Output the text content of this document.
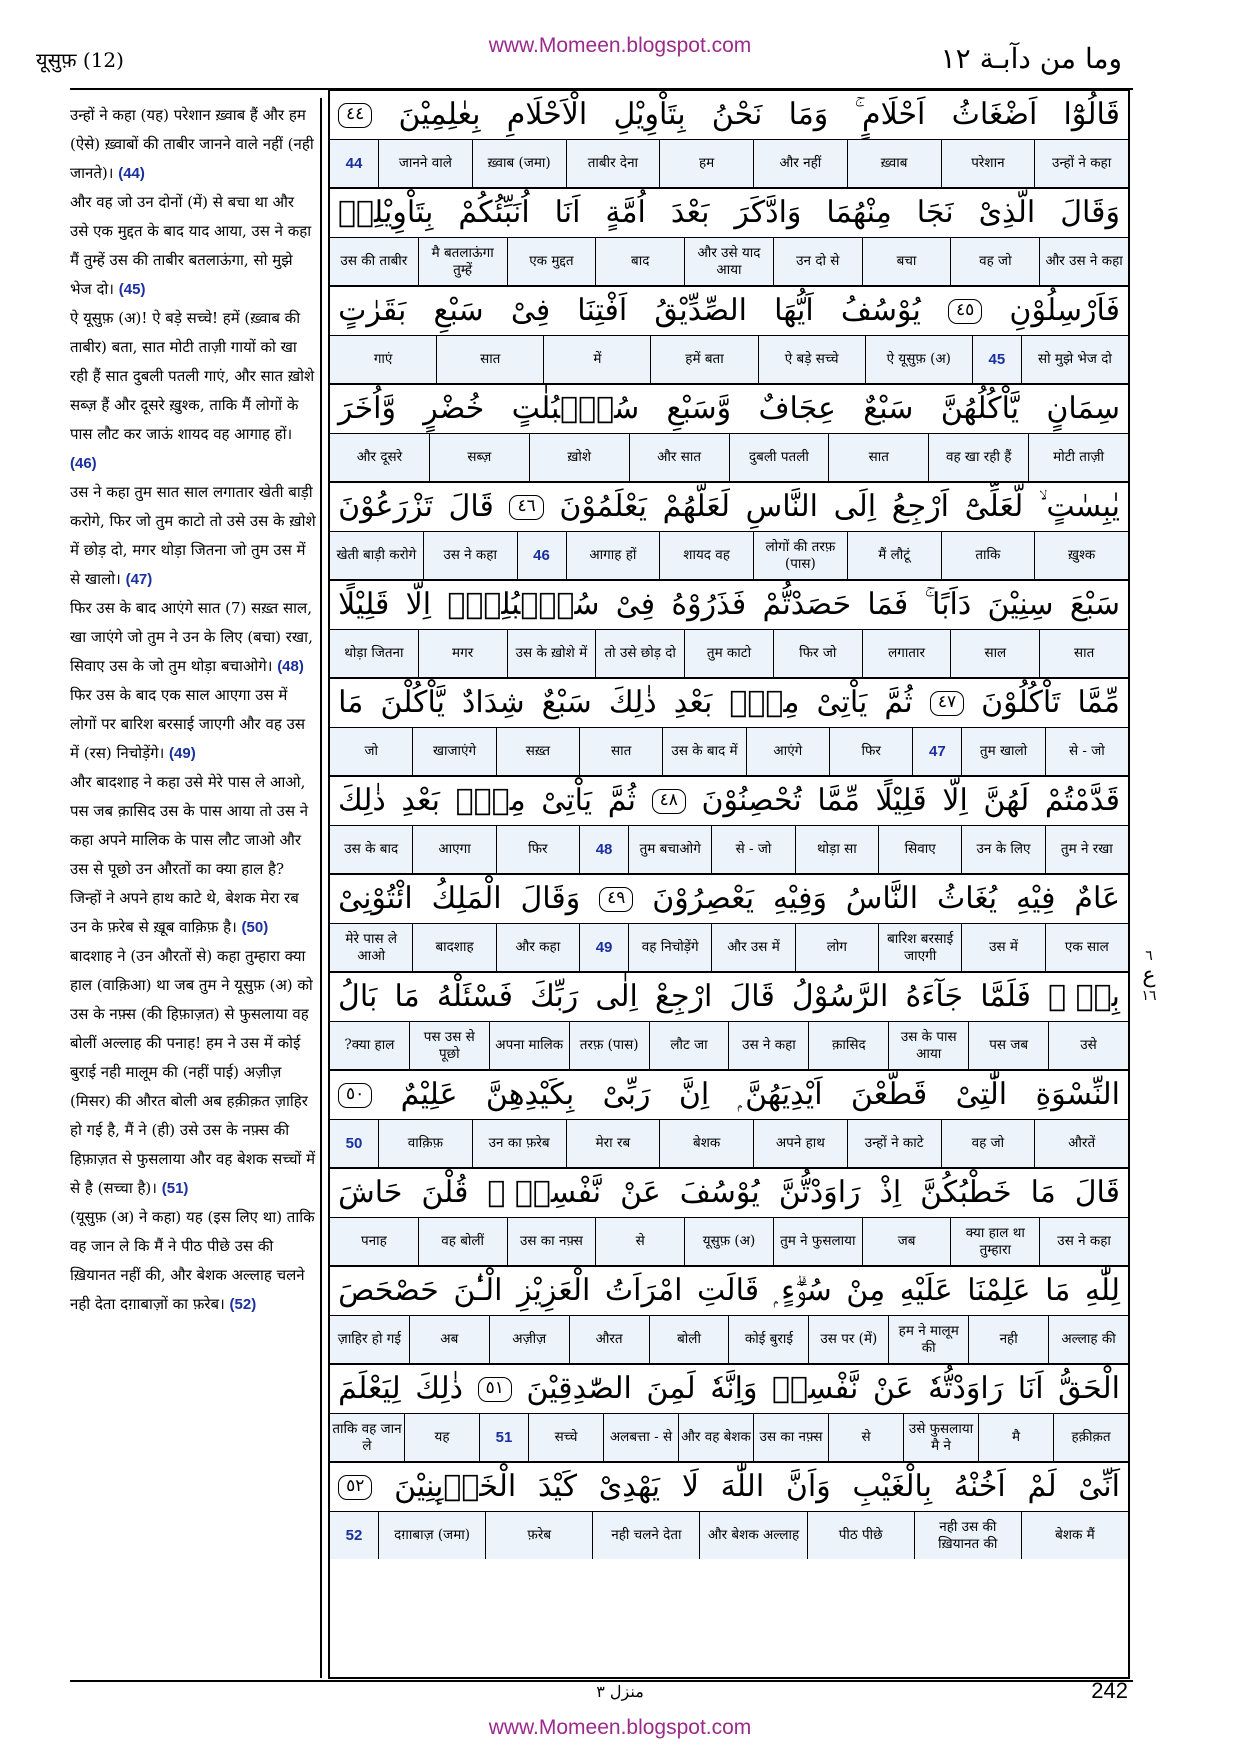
यूसुफ़ (12)
www.Momeen.blogspot.com	وما من دآبـة ١٢
उन्हों ने कहा (यह) परेशान ख़्वाब हैं और हम (ऐसे) ख़्वाबों की ताबीर जानने वाले नहीं (नही जानते)। (44)
और वह जो उन दोनों (में) से बचा था और उसे एक मुद्दत के बाद याद आया, उस ने कहा मैं तुम्हें उस की ताबीर बतलाऊंगा, सो मुझे भेज दो। (45)
ऐ यूसुफ़ (अ)! ऐ बड़े सच्चे! हमें (ख़्वाब की ताबीर) बता, सात मोटी ताज़ी गायों को खा रही हैं सात दुबली पतली गाएं, और सात ख़ोशे सब्ज़ हैं और दूसरे ख़ुश्क, ताकि मैं लोगों के पास लौट कर जाऊं शायद वह आगाह हों। (46)
उस ने कहा तुम सात साल लगातार खेती बाड़ी करोगे, फिर जो तुम काटो तो उसे उस के ख़ोशे में छोड़ दो, मगर थोड़ा जितना जो तुम उस में से खालो। (47)
फिर उस के बाद आएंगे सात (7) सख़्त साल, खा जाएंगे जो तुम ने उन के लिए (बचा) रखा, सिवाए उस के जो तुम थोड़ा बचाओगे। (48)
फिर उस के बाद एक साल आएगा उस में लोगों पर बारिश बरसाई जाएगी और वह उस में (रस) निचोड़ेंगे। (49)
और बादशाह ने कहा उसे मेरे पास ले आओ, पस जब क़ासिद उस के पास आया तो उस ने कहा अपने मालिक के पास लौट जाओ और उस से पूछो उन औरतों का क्या हाल है? जिन्हों ने अपने हाथ काटे थे, बेशक मेरा रब उन के फ़रेब से ख़ूब वाक़िफ़ है। (50)
बादशाह ने (उन औरतों से) कहा तुम्हारा क्या हाल (वाक़िआ) था जब तुम ने यूसुफ़ (अ) को उस के नफ़्स (की हिफ़ाज़त) से फुसलाया वह बोलीं अल्लाह की पनाह! हम ने उस में कोई बुराई नही मालूम की (नहीं पाई) अज़ीज़ (मिसर) की औरत बोली अब हक़ीक़त ज़ाहिर हो गई है, मैं ने (ही) उसे उस के नफ़्स की हिफ़ाज़त से फुसलाया और वह बेशक सच्चों में से है (सच्चा है)। (51)
(यूसुफ़ (अ) ने कहा) यह (इस लिए था) ताकि वह जान ले कि मैं ने पीठ पीछे उस की ख़ियानत नहीं की, और बेशक अल्लाह चलने नही देता दग़ाबाज़ों का फ़रेब। (52)

قَالُوْٓا
اَضْغَاثُ
اَحْلَامٍ ۚ
وَمَا
نَحْنُ
بِتَاْوِيْلِ
الْاَحْلَامِ
بِعٰلِمِيْنَ
٤٤
उन्हों ने कहा
परेशान
ख़्वाब
और नहीं
हम
ताबीर देना
ख़्वाब (जमा)
जानने वाले
44
وَقَالَ
الَّذِىْ
نَجَا
مِنْهُمَا
وَادَّكَرَ
بَعْدَ
اُمَّةٍ
اَنَا
اُنَبِّئُكُمْ
بِتَاْوِيْلِهٖ
और उस ने कहा
वह जो
बचा
उन दो से
और उसे याद आया
बाद
एक मुद्दत
मै बतलाऊंगा तुम्हें
उस की ताबीर
فَاَرْسِلُوْنِ
٤٥
يُوْسُفُ
اَيُّهَا
الصِّدِّيْقُ
اَفْتِنَا
فِىْ
سَبْعِ
بَقَرٰتٍ
सो मुझे भेज दो
45
ऐ यूसुफ़ (अ)
ऐ बड़े सच्चे
हमें बता
में
सात
गाएं
سِمَانٍ
يَّاْكُلُهُنَّ
سَبْعٌ
عِجَافٌ
وَّسَبْعِ
سُنْۢبُلٰتٍ
خُضْرٍ
وَّاُخَرَ
मोटी ताज़ी
वह खा रही हैं
सात
दुबली पतली
और सात
ख़ोशे
सब्ज़
और दूसरे
يٰبِسٰتٍ ۙ
لَّعَلِّىْٓ
اَرْجِعُ
اِلَى
النَّاسِ
لَعَلَّهُمْ
يَعْلَمُوْنَ
٤٦
قَالَ
تَزْرَعُوْنَ
ख़ुश्क
ताकि
मैं लौटूं
लोगों की तरफ़ (पास)
शायद वह
आगाह हों
46
उस ने कहा
खेती बाड़ी करोगे
سَبْعَ
سِنِيْنَ
دَاَبًا ۚ
فَمَا
حَصَدْتُّمْ
فَذَرُوْهُ
فِىْ
سُنْۢبُلِهٖٓ
اِلَّا
قَلِيْلًا
सात
साल
लगातार
फिर जो
तुम काटो
तो उसे छोड़ दो
उस के ख़ोशे में
मगर
थोड़ा जितना
مِّمَّا
تَاْكُلُوْنَ
٤٧
ثُمَّ
يَاْتِىْ
مِنْۢ
بَعْدِ
ذٰلِكَ
سَبْعٌ
شِدَادٌ
يَّاْكُلْنَ
مَا
से - जो
तुम खालो
47
फिर
आएंगे
उस के बाद में
सात
सख़्त
खाजाएंगे
जो
قَدَّمْتُمْ
لَهُنَّ
اِلَّا
قَلِيْلًا
مِّمَّا
تُحْصِنُوْنَ
٤٨
ثُمَّ
يَاْتِىْ
مِنْۢ
بَعْدِ
ذٰلِكَ
तुम ने रखा
उन के लिए
सिवाए
थोड़ा सा
से - जो
तुम बचाओगे
48
फिर
आएगा
उस के बाद
عَامٌ
فِيْهِ
يُغَاثُ
النَّاسُ
وَفِيْهِ
يَعْصِرُوْنَ
٤٩
وَقَالَ
الْمَلِكُ
ائْتُوْنِىْ
एक साल
उस में
बारिश बरसाई जाएगी
लोग
और उस में
वह निचोड़ेंगे
49
और कहा
बादशाह
मेरे पास ले आओ
بِهٖ ۚ
فَلَمَّا
جَآءَهُ
الرَّسُوْلُ
قَالَ
ارْجِعْ
اِلٰى
رَبِّكَ
فَسْئَلْهُ
مَا
بَالُ
उसे
पस जब
उस के पास आया
क़ासिद
उस ने कहा
लौट जा
तरफ़ (पास)
अपना मालिक
पस उस से पूछो
क्या हाल?
النِّسْوَةِ
الّٰتِىْ
قَطَّعْنَ
اَيْدِيَهُنَّ ۭ
اِنَّ
رَبِّىْ
بِكَيْدِهِنَّ
عَلِيْمٌ
٥٠
औरतें
वह जो
उन्हों ने काटे
अपने हाथ
बेशक
मेरा रब
उन का फ़रेब
वाक़िफ़
50
قَالَ
مَا
خَطْبُكُنَّ
اِذْ
رَاوَدْتُّنَّ
يُوْسُفَ
عَنْ
نَّفْسِهٖ ۭ
قُلْنَ
حَاشَ
उस ने कहा
क्या हाल था तुम्हारा
जब
तुम ने फुसलाया
यूसुफ़ (अ)
से
उस का नफ़्स
वह बोलीं
पनाह
لِلّٰهِ
مَا
عَلِمْنَا
عَلَيْهِ
مِنْ
سُوْۗءٍ ۭ
قَالَتِ
امْرَاَتُ
الْعَزِيْزِ
الْـٰٔنَ
حَصْحَصَ
अल्लाह की
नही
हम ने मालूम की
उस पर (में)
कोई बुराई
बोली
औरत
अज़ीज़
अब
ज़ाहिर हो गई
الْحَقُّ
اَنَا
رَاوَدْتُّهٗ
عَنْ
نَّفْسِهٖ
وَاِنَّهٗ
لَمِنَ
الصّٰدِقِيْنَ
٥١
ذٰلِكَ
لِيَعْلَمَ
हक़ीक़त
मै
उसे फुसलाया मै ने
से
उस का नफ़्स
और वह बेशक
अलबत्ता - से
सच्चे
51
यह
ताकि वह जान ले
اَنِّىْ
لَمْ
اَخُنْهُ
بِالْغَيْبِ
وَاَنَّ
اللّٰهَ
لَا
يَهْدِىْ
كَيْدَ
الْخَاۗىِٕنِيْنَ
٥٢
बेशक मैं
नही उस की ख़ियानत की
पीठ पीछे
और बेशक अल्लाह
नही चलने देता
फ़रेब
दग़ाबाज़ (जमा)
52
٦
ع
١٦
منزل ٣	242
www.Momeen.blogspot.com
